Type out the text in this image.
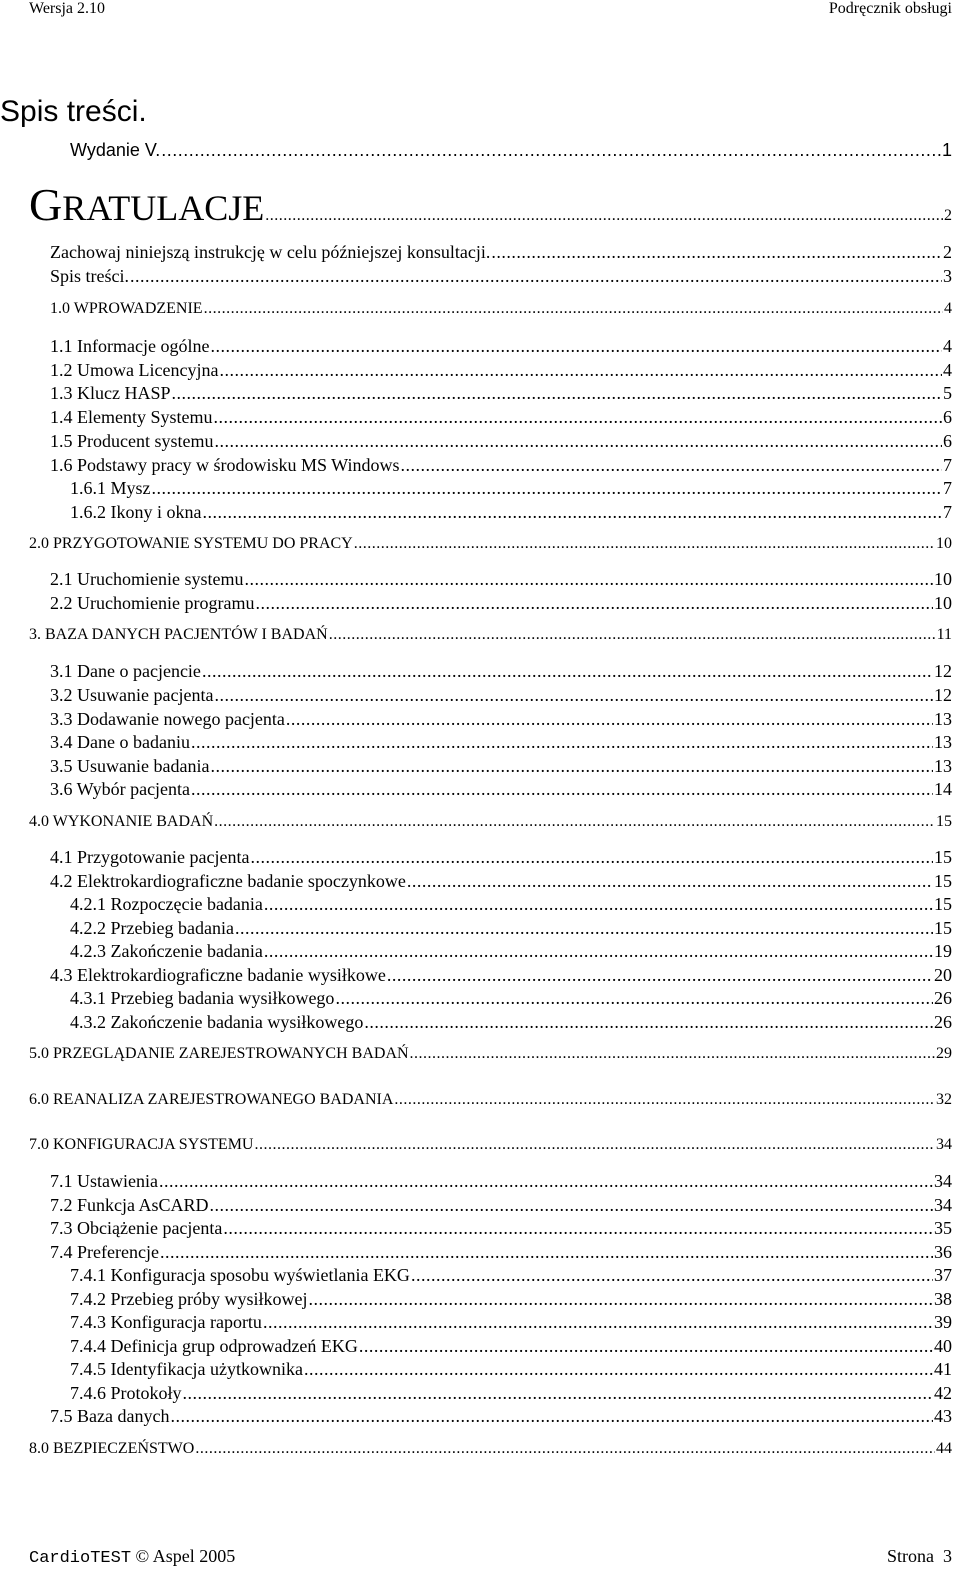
Wersja 2.10	Podręcznik obsługi
Spis treści.
Wydanie V. .....	1
GRATULACJE .....	2
Zachowaj niniejszą instrukcję w celu późniejszej konsultacji. .....	2
Spis treści. .....	3
1.0 WPROWADZENIE .....	4
1.1 Informacje ogólne .....	4
1.2 Umowa Licencyjna .....	4
1.3 Klucz HASP .....	5
1.4 Elementy Systemu .....	6
1.5 Producent systemu .....	6
1.6 Podstawy pracy w środowisku MS Windows .....	7
1.6.1 Mysz .....	7
1.6.2 Ikony i okna .....	7
2.0 PRZYGOTOWANIE SYSTEMU DO PRACY .....	10
2.1 Uruchomienie systemu .....	10
2.2 Uruchomienie programu .....	10
3. BAZA DANYCH PACJENTÓW I BADAŃ .....	11
3.1 Dane o pacjencie .....	12
3.2 Usuwanie pacjenta .....	12
3.3 Dodawanie nowego pacjenta .....	13
3.4 Dane o badaniu .....	13
3.5 Usuwanie badania .....	13
3.6 Wybór pacjenta .....	14
4.0 WYKONANIE BADAŃ .....	15
4.1 Przygotowanie pacjenta .....	15
4.2 Elektrokardiograficzne badanie spoczynkowe .....	15
4.2.1 Rozpoczęcie badania .....	15
4.2.2 Przebieg badania .....	15
4.2.3 Zakończenie badania .....	19
4.3 Elektrokardiograficzne badanie wysiłkowe .....	20
4.3.1 Przebieg badania wysiłkowego .....	26
4.3.2 Zakończenie badania wysiłkowego .....	26
5.0 PRZEGLĄDANIE ZAREJESTROWANYCH BADAŃ .....	29
6.0 REANALIZA ZAREJESTROWANEGO BADANIA .....	32
7.0 KONFIGURACJA SYSTEMU .....	34
7.1 Ustawienia .....	34
7.2 Funkcja AsCARD .....	34
7.3 Obciążenie pacjenta .....	35
7.4 Preferencje .....	36
7.4.1 Konfiguracja sposobu wyświetlania EKG .....	37
7.4.2 Przebieg próby wysiłkowej .....	38
7.4.3 Konfiguracja raportu .....	39
7.4.4 Definicja grup odprowadzeń EKG .....	40
7.4.5 Identyfikacja użytkownika .....	41
7.4.6 Protokoły .....	42
7.5 Baza danych .....	43
8.0 BEZPIECZEŃSTWO .....	44
CardioTEST © Aspel 2005	Strona 3
